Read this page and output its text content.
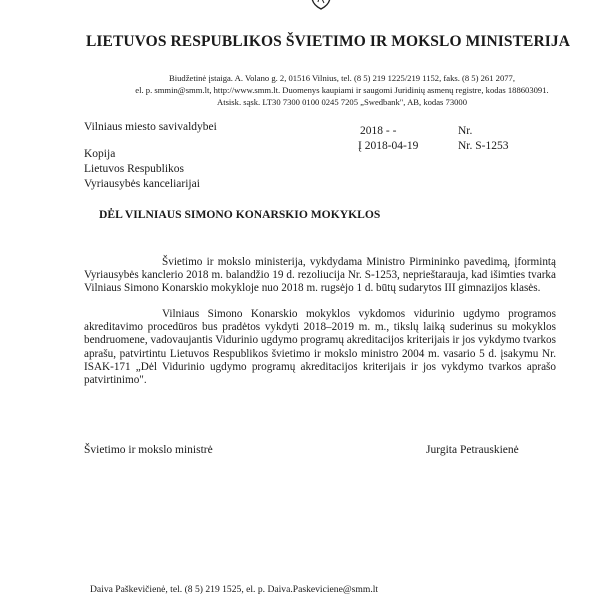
LIETUVOS RESPUBLIKOS ŠVIETIMO IR MOKSLO MINISTERIJA
Biudžetinė įstaiga. A. Volano g. 2, 01516 Vilnius, tel. (8 5) 219 1225/219 1152, faks. (8 5) 261 2077,
el. p. smmin@smm.lt, http://www.smm.lt. Duomenys kaupiami ir saugomi Juridinių asmenų registre, kodas 188603091.
Atsisk. sąsk. LT30 7300 0100 0245 7205 „Swedbank", AB, kodas 73000
Vilniaus miesto savivaldybei
Kopija
Lietuvos Respublikos
Vyriausybės kanceliarijai
2018 - -	Nr.
Į 2018-04-19	Nr. S-1253
DĖL VILNIAUS SIMONO KONARSKIO MOKYKLOS
Švietimo ir mokslo ministerija, vykdydama Ministro Pirmininko pavedimą, įformintą Vyriausybės kanclerio 2018 m. balandžio 19 d. rezoliucija Nr. S-1253, neprieštarauja, kad išimties tvarka Vilniaus Simono Konarskio mokykloje nuo 2018 m. rugsėjo 1 d. būtų sudarytos III gimnazijos klasės.
Vilniaus Simono Konarskio mokyklos vykdomos vidurinio ugdymo programos akreditavimo procedūros bus pradėtos vykdyti 2018–2019 m. m., tikslų laiką suderinus su mokyklos bendruomene, vadovaujantis Vidurinio ugdymo programų akreditacijos kriterijais ir jos vykdymo tvarkos aprašu, patvirtintu Lietuvos Respublikos švietimo ir mokslo ministro 2004 m. vasario 5 d. įsakymu Nr. ISAK-171 „Dėl Vidurinio ugdymo programų akreditacijos kriterijais ir jos vykdymo tvarkos aprašo patvirtinimo".
Švietimo ir mokslo ministrė	Jurgita Petrauskienė
Daiva Paškevičienė, tel. (8 5) 219 1525, el. p. Daiva.Paskeviciene@smm.lt
